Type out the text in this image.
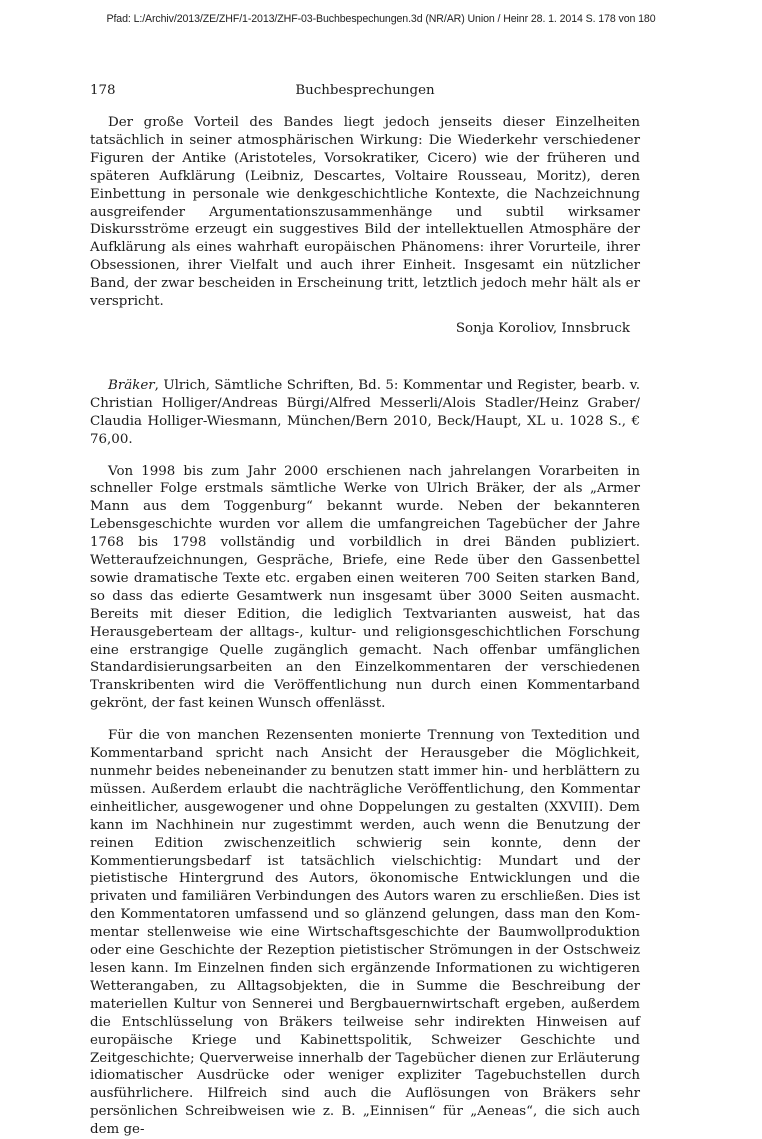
Pfad: L:/Archiv/2013/ZE/ZHF/1-2013/ZHF-03-Buchbespechungen.3d (NR/AR) Union / Heinr 28. 1. 2014 S. 178 von 180
178	Buchbesprechungen

Der große Vorteil des Bandes liegt jedoch jenseits dieser Einzelheiten tatsächlich in seiner atmosphärischen Wirkung: Die Wiederkehr verschiedener Figuren der Antike (Aristoteles, Vorsokratiker, Cicero) wie der früheren und späteren Aufklärung (Leibniz, Descartes, Voltaire Rousseau, Moritz), deren Einbettung in personale wie denkgeschichtliche Kontexte, die Nachzeichnung ausgreifender Argumentationszusammenhänge und subtil wirksamer Diskursströme erzeugt ein suggestives Bild der intellektuellen Atmosphäre der Aufklärung als eines wahrhaft europäischen Phänomens: ihrer Vorurteile, ihrer Obsessionen, ihrer Vielfalt und auch ihrer Einheit. Insgesamt ein nützlicher Band, der zwar bescheiden in Erscheinung tritt, letztlich jedoch mehr hält als er verspricht.

Sonja Koroliov, Innsbruck

Bräker, Ulrich, Sämtliche Schriften, Bd. 5: Kommentar und Register, bearb. v. Christian Holliger/Andreas Bürgi/Alfred Messerli/Alois Stadler/Heinz Graber/ Claudia Holliger-Wiesmann, München/Bern 2010, Beck/Haupt, XL u. 1028 S., € 76,00.

Von 1998 bis zum Jahr 2000 erschienen nach jahrelangen Vorarbeiten in schneller Folge erstmals sämtliche Werke von Ulrich Bräker, der als „Armer Mann aus dem Toggenburg“ bekannt wurde. Neben der bekannteren Lebensgeschichte wurden vor allem die umfangreichen Tagebücher der Jahre 1768 bis 1798 vollständig und vorbildlich in drei Bänden publiziert. Wetteraufzeichnungen, Gespräche, Briefe, eine Rede über den Gassenbettel sowie dramatische Texte etc. ergaben einen weiteren 700 Seiten starken Band, so dass das edierte Gesamtwerk nun insgesamt über 3000 Seiten ausmacht. Bereits mit dieser Edition, die lediglich Textvarianten ausweist, hat das Herausgeberteam der alltags-, kultur- und religionsgeschichtlichen Forschung eine erstrangige Quelle zugänglich gemacht. Nach offenbar umfänglichen Standardisierungsarbeiten an den Einzelkommentaren der verschiedenen Transkribenten wird die Veröffentlichung nun durch einen Kommentarband gekrönt, der fast keinen Wunsch offenlässt.

Für die von manchen Rezensenten monierte Trennung von Textedition und Kommentarband spricht nach Ansicht der Herausgeber die Möglichkeit, nunmehr beides nebeneinander zu benutzen statt immer hin- und herblättern zu müssen. Außerdem erlaubt die nachträgliche Veröffentlichung, den Kommentar einheitlicher, ausgewogener und ohne Doppelungen zu gestalten (XXVIII). Dem kann im Nachhinein nur zugestimmt werden, auch wenn die Benutzung der reinen Edition zwischenzeitlich schwierig sein konnte, denn der Kommentierungsbedarf ist tatsächlich vielschichtig: Mundart und der pietistische Hintergrund des Autors, ökonomische Entwicklungen und die privaten und familiären Verbindungen des Autors waren zu erschließen. Dies ist den Kommentatoren umfassend und so glänzend gelungen, dass man den Kommentar stellenweise wie eine Wirtschaftsgeschichte der Baumwollproduktion oder eine Geschichte der Rezeption pietistischer Strömungen in der Ostschweiz lesen kann. Im Einzelnen finden sich ergänzende Informationen zu wichtigeren Wetterangaben, zu Alltagsobjekten, die in Summe die Beschreibung der materiellen Kultur von Sennerei und Bergbauernwirtschaft ergeben, außerdem die Entschlüsselung von Bräkers teilweise sehr indirekten Hinweisen auf europäische Kriege und Kabinettspolitik, Schweizer Geschichte und Zeitgeschichte; Querverweise innerhalb der Tagebücher dienen zur Erläuterung idiomatischer Ausdrücke oder weniger expliziter Tagebuchstellen durch ausführlichere. Hilfreich sind auch die Auflösungen von Bräkers sehr persönlichen Schreibweisen wie z. B. „Einnisen“ für „Aeneas“, die sich auch dem ge-
